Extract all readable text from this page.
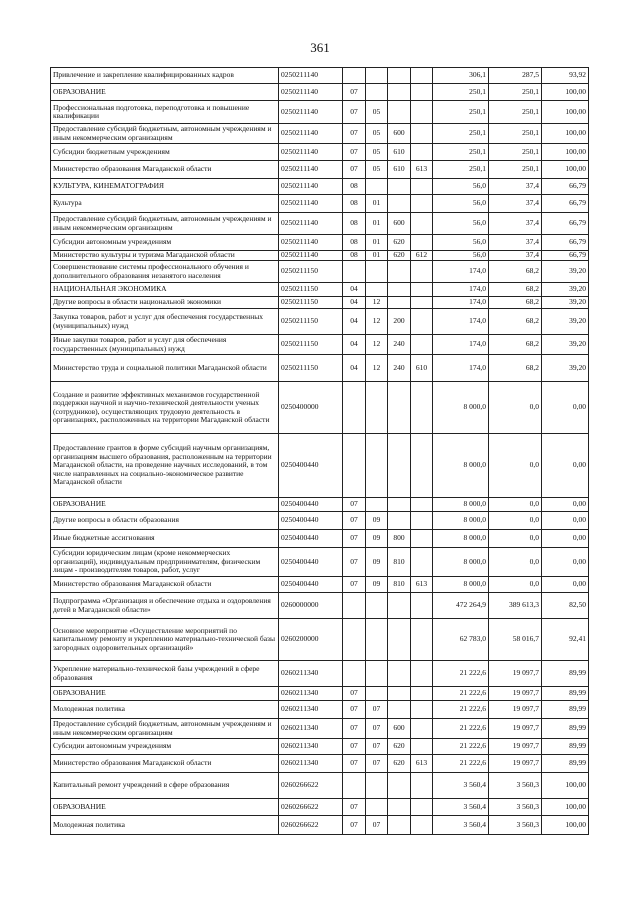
361
Привлечение и закрепление квалифицированных кадров	0250211140					306,1	287,5	93,92
ОБРАЗОВАНИЕ	0250211140	07				250,1	250,1	100,00
Профессиональная подготовка, переподготовка и повышение квалификации	0250211140	07	05			250,1	250,1	100,00
Предоставление субсидий бюджетным, автономным учреждениям и иным некоммерческим организациям	0250211140	07	05	600		250,1	250,1	100,00
Субсидии бюджетным учреждениям	0250211140	07	05	610		250,1	250,1	100,00
Министерство образования Магаданской области	0250211140	07	05	610	613	250,1	250,1	100,00
КУЛЬТУРА, КИНЕМАТОГРАФИЯ	0250211140	08				56,0	37,4	66,79
Культура	0250211140	08	01			56,0	37,4	66,79
Предоставление субсидий бюджетным, автономным учреждениям и иным некоммерческим организациям	0250211140	08	01	600		56,0	37,4	66,79
Субсидии автономным учреждениям	0250211140	08	01	620		56,0	37,4	66,79
Министерство культуры и туризма Магаданской области	0250211140	08	01	620	612	56,0	37,4	66,79
Совершенствование системы профессионального обучения и дополнительного образования незанятого населения	0250211150					174,0	68,2	39,20
НАЦИОНАЛЬНАЯ ЭКОНОМИКА	0250211150	04				174,0	68,2	39,20
Другие вопросы в области национальной экономики	0250211150	04	12			174,0	68,2	39,20
Закупка товаров, работ и услуг для обеспечения государственных (муниципальных) нужд	0250211150	04	12	200		174,0	68,2	39,20
Иные закупки товаров, работ и услуг для обеспечения государственных (муниципальных) нужд	0250211150	04	12	240		174,0	68,2	39,20
Министерство труда и социальной политики Магаданской области	0250211150	04	12	240	610	174,0	68,2	39,20
Создание и развитие эффективных механизмов государственной поддержки научной и научно-технической деятельности ученых (сотрудников), осуществляющих трудовую деятельность в организациях, расположенных на территории Магаданской области	0250400000					8 000,0	0,0	0,00
Предоставление грантов в форме субсидий научным организациям, организациям высшего образования, расположенным на территории Магаданской области, на проведение научных исследований, в том числе направленных на социально-экономическое развитие Магаданской области	0250400440					8 000,0	0,0	0,00
ОБРАЗОВАНИЕ	0250400440	07				8 000,0	0,0	0,00
Другие вопросы в области образования	0250400440	07	09			8 000,0	0,0	0,00
Иные бюджетные ассигнования	0250400440	07	09	800		8 000,0	0,0	0,00
Субсидии юридическим лицам (кроме некоммерческих организаций), индивидуальным предпринимателям, физическим лицам - производителям товаров, работ, услуг	0250400440	07	09	810		8 000,0	0,0	0,00
Министерство образования Магаданской области	0250400440	07	09	810	613	8 000,0	0,0	0,00
Подпрограмма «Организация и обеспечение отдыха и оздоровления детей в Магаданской области»	0260000000					472 264,9	389 613,3	82,50
Основное мероприятие «Осуществление мероприятий по капитальному ремонту и укреплению материально-технической базы загородных оздоровительных организаций»	0260200000					62 783,0	58 016,7	92,41
Укрепление материально-технической базы учреждений в сфере образования	0260211340					21 222,6	19 097,7	89,99
ОБРАЗОВАНИЕ	0260211340	07				21 222,6	19 097,7	89,99
Молодежная политика	0260211340	07	07			21 222,6	19 097,7	89,99
Предоставление субсидий бюджетным, автономным учреждениям и иным некоммерческим организациям	0260211340	07	07	600		21 222,6	19 097,7	89,99
Субсидии автономным учреждениям	0260211340	07	07	620		21 222,6	19 097,7	89,99
Министерство образования Магаданской области	0260211340	07	07	620	613	21 222,6	19 097,7	89,99
Капитальный ремонт учреждений в сфере образования	0260266622					3 560,4	3 560,3	100,00
ОБРАЗОВАНИЕ	0260266622	07				3 560,4	3 560,3	100,00
Молодежная политика	0260266622	07	07			3 560,4	3 560,3	100,00
